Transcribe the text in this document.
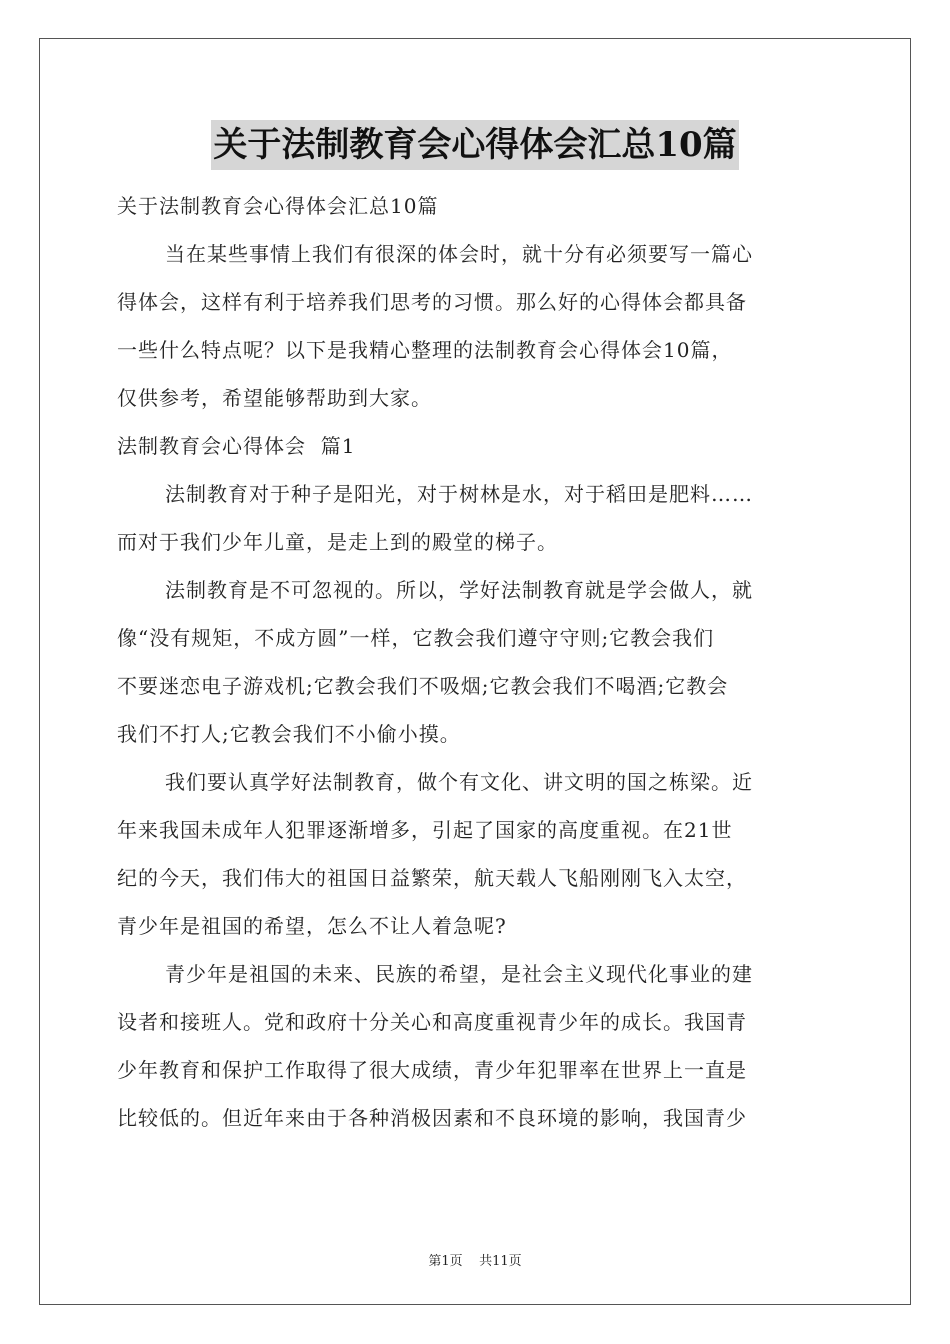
关于法制教育会心得体会汇总10篇
关于法制教育会心得体会汇总10篇
当在某些事情上我们有很深的体会时，就十分有必须要写一篇心
得体会，这样有利于培养我们思考的习惯。那么好的心得体会都具备
一些什么特点呢？以下是我精心整理的法制教育会心得体会10篇，
仅供参考，希望能够帮助到大家。
法制教育会心得体会  篇1
法制教育对于种子是阳光，对于树林是水，对于稻田是肥料……
而对于我们少年儿童，是走上到的殿堂的梯子。
法制教育是不可忽视的。所以，学好法制教育就是学会做人，就
像“没有规矩，不成方圆”一样，它教会我们遵守守则;它教会我们
不要迷恋电子游戏机;它教会我们不吸烟;它教会我们不喝酒;它教会
我们不打人;它教会我们不小偷小摸。
我们要认真学好法制教育，做个有文化、讲文明的国之栋梁。近
年来我国未成年人犯罪逐渐增多，引起了国家的高度重视。在21世
纪的今天，我们伟大的祖国日益繁荣，航天载人飞船刚刚飞入太空，
青少年是祖国的希望，怎么不让人着急呢?
青少年是祖国的未来、民族的希望，是社会主义现代化事业的建
设者和接班人。党和政府十分关心和高度重视青少年的成长。我国青
少年教育和保护工作取得了很大成绩，青少年犯罪率在世界上一直是
比较低的。但近年来由于各种消极因素和不良环境的影响，我国青少
第1页    共11页
